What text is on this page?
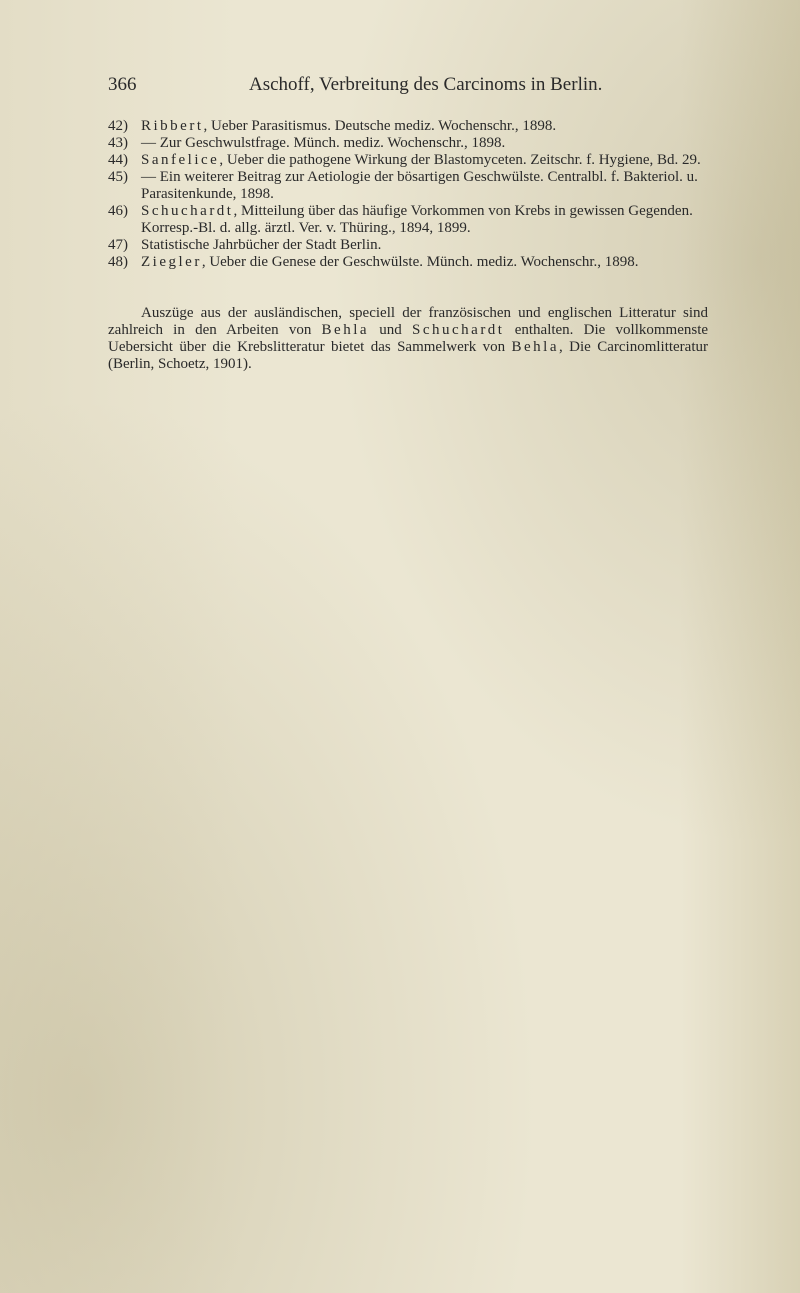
366	Aschoff, Verbreitung des Carcinoms in Berlin.

42) Ribbert, Ueber Parasitismus. Deutsche mediz. Wochenschr., 1898.

43) — Zur Geschwulstfrage. Münch. mediz. Wochenschr., 1898.

44) Sanfelice, Ueber die pathogene Wirkung der Blastomyceten. Zeitschr. f. Hygiene, Bd. 29.

45) — Ein weiterer Beitrag zur Aetiologie der bösartigen Geschwülste. Centralbl. f. Bakteriol. u. Parasitenkunde, 1898.

46) Schuchardt, Mitteilung über das häufige Vorkommen von Krebs in gewissen Gegenden. Korresp.-Bl. d. allg. ärztl. Ver. v. Thüring., 1894, 1899.

47) Statistische Jahrbücher der Stadt Berlin.

48) Ziegler, Ueber die Genese der Geschwülste. Münch. mediz. Wochenschr., 1898.

Auszüge aus der ausländischen, speciell der französischen und englischen Litteratur sind zahlreich in den Arbeiten von Behla und Schuchardt enthalten. Die vollkommenste Uebersicht über die Krebslitteratur bietet das Sammelwerk von Behla, Die Carcinomlitteratur (Berlin, Schoetz, 1901).
